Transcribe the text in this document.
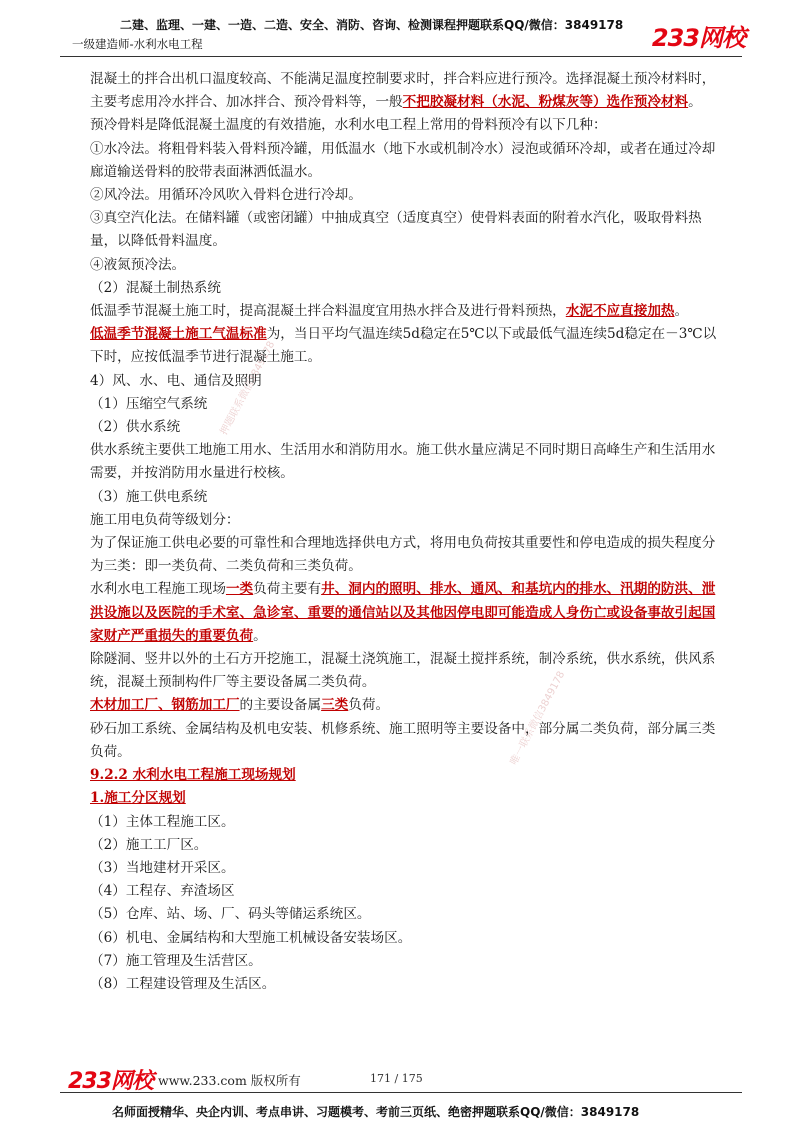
二建、监理、一建、一造、二造、安全、消防、咨询、检测课程押题联系QQ/微信：3849178
一级建造师-水利水电工程	233网校
押题联系微信3849178
唯一联系微信3849178

混凝土的拌合出机口温度较高、不能满足温度控制要求时，拌合料应进行预冷。选择混凝土预冷材料时，主要考虑用冷水拌合、加冰拌合、预冷骨料等，一般不把胶凝材料（水泥、粉煤灰等）选作预冷材料。

预冷骨料是降低混凝土温度的有效措施，水利水电工程上常用的骨料预冷有以下几种：

①水冷法。将粗骨料装入骨料预冷罐，用低温水（地下水或机制冷水）浸泡或循环冷却，或者在通过冷却廊道输送骨料的胶带表面淋洒低温水。

②风冷法。用循环冷风吹入骨料仓进行冷却。

③真空汽化法。在储料罐（或密闭罐）中抽成真空（适度真空）使骨料表面的附着水汽化，吸取骨料热量，以降低骨料温度。

④液氮预冷法。

（2）混凝土制热系统

低温季节混凝土施工时，提高混凝土拌合料温度宜用热水拌合及进行骨料预热，水泥不应直接加热。

低温季节混凝土施工气温标准为，当日平均气温连续5d稳定在5℃以下或最低气温连续5d稳定在－3℃以下时，应按低温季节进行混凝土施工。

4）风、水、电、通信及照明

（1）压缩空气系统

（2）供水系统

供水系统主要供工地施工用水、生活用水和消防用水。施工供水量应满足不同时期日高峰生产和生活用水需要，并按消防用水量进行校核。

（3）施工供电系统

施工用电负荷等级划分：

为了保证施工供电必要的可靠性和合理地选择供电方式，将用电负荷按其重要性和停电造成的损失程度分为三类：即一类负荷、二类负荷和三类负荷。

水利水电工程施工现场一类负荷主要有井、洞内的照明、排水、通风、和基坑内的排水、汛期的防洪、泄洪设施以及医院的手术室、急诊室、重要的通信站以及其他因停电即可能造成人身伤亡或设备事故引起国家财产严重损失的重要负荷。

除隧洞、竖井以外的土石方开挖施工，混凝土浇筑施工，混凝土搅拌系统，制冷系统，供水系统，供风系统，混凝土预制构件厂等主要设备属二类负荷。

木材加工厂、钢筋加工厂的主要设备属三类负荷。

砂石加工系统、金属结构及机电安装、机修系统、施工照明等主要设备中，部分属二类负荷，部分属三类负荷。

9.2.2 水利水电工程施工现场规划

1.施工分区规划

（1）主体工程施工区。

（2）施工工厂区。

（3）当地建材开采区。

（4）工程存、弃渣场区

（5）仓库、站、场、厂、码头等储运系统区。

（6）机电、金属结构和大型施工机械设备安装场区。

（7）施工管理及生活营区。

（8）工程建设管理及生活区。

233网校 www.233.com 版权所有	171 / 175
名师面授精华、央企内训、考点串讲、习题模考、考前三页纸、绝密押题联系QQ/微信：3849178
